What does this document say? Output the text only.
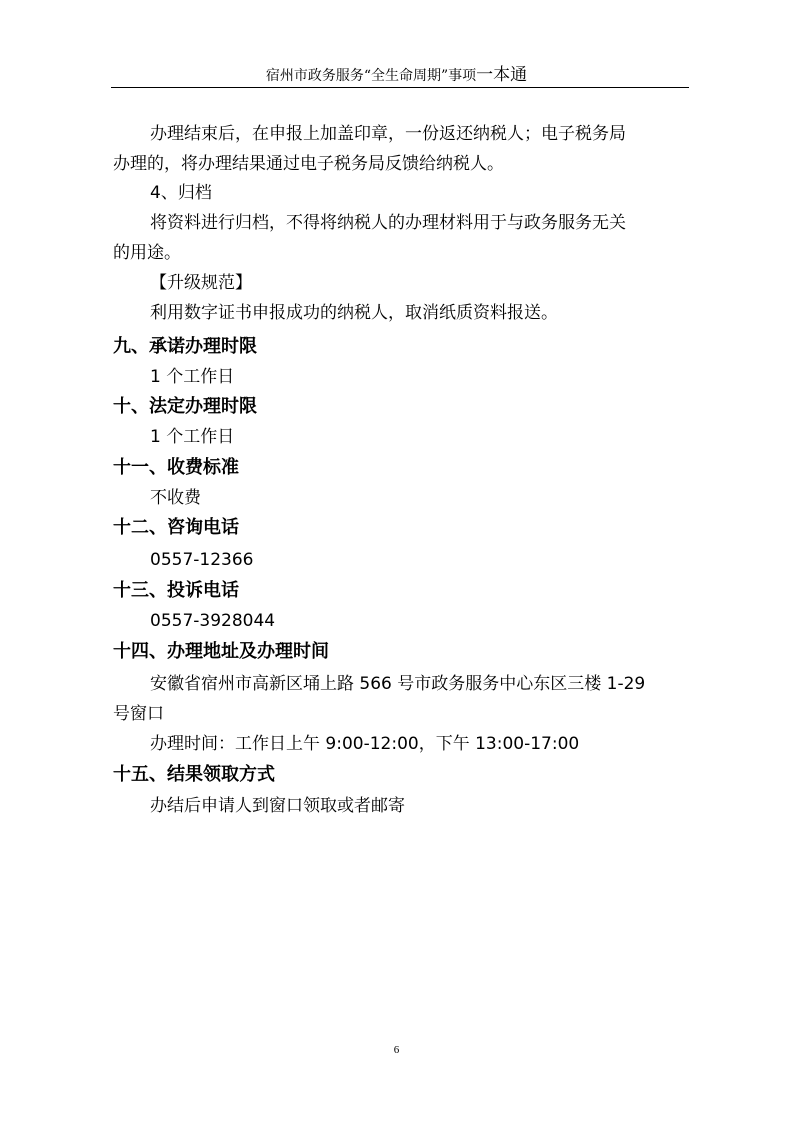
宿州市政务服务“全生命周期”事项一本通
办理结束后，在申报上加盖印章，一份返还纳税人；电子税务局
办理的，将办理结果通过电子税务局反馈给纳税人。
4、归档
将资料进行归档，不得将纳税人的办理材料用于与政务服务无关
的用途。
【升级规范】
利用数字证书申报成功的纳税人，取消纸质资料报送。
九、承诺办理时限
1 个工作日
十、法定办理时限
1 个工作日
十一、收费标准
不收费
十二、咨询电话
0557-12366
十三、投诉电话
0557-3928044
十四、办理地址及办理时间
安徽省宿州市高新区埇上路 566 号市政务服务中心东区三楼 1-29
号窗口
办理时间：工作日上午 9:00-12:00，下午 13:00-17:00
十五、结果领取方式
办结后申请人到窗口领取或者邮寄
6
